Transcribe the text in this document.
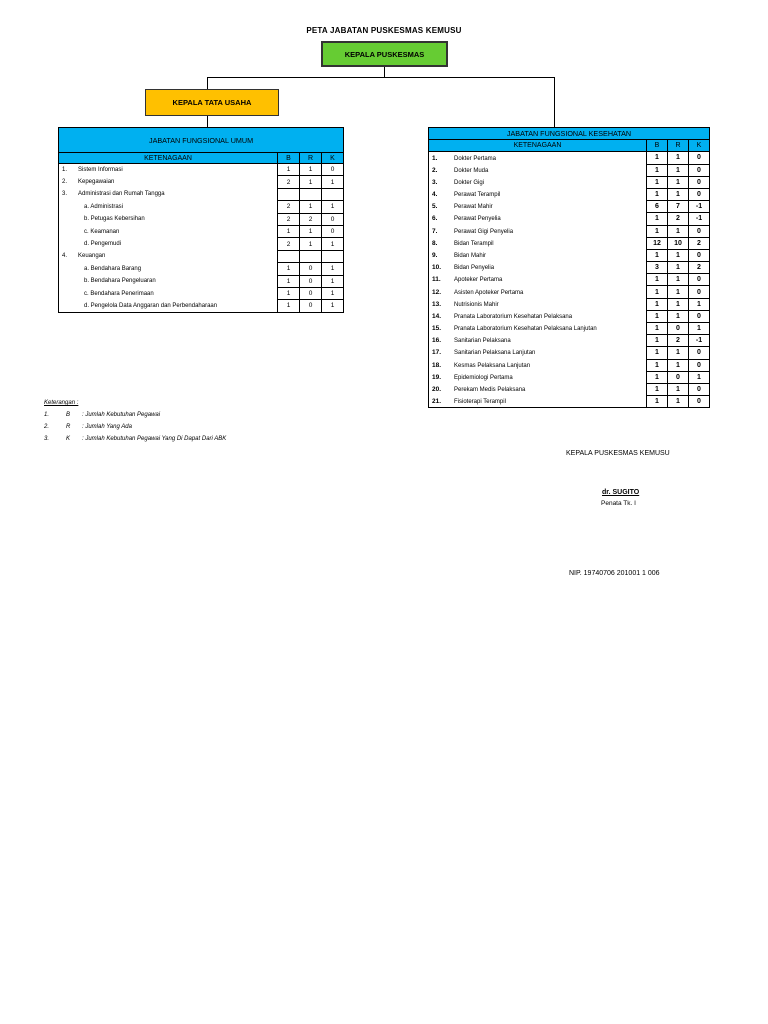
PETA JABATAN PUSKESMAS KEMUSU
KEPALA PUSKESMAS
KEPALA TATA USAHA
JABATAN FUNGSIONAL UMUM			
KETENAGAAN	B	R	K
1. Sistem Informasi	1	1	0
2. Kepegawaian	2	1	1
3. Administrasi dan Rumah Tangga			
a. Administrasi	2	1	1
b. Petugas Kebersihan	2	2	0
c. Keamanan	1	1	0
d. Pengemudi	2	1	1
4. Keuangan			
a. Bendahara Barang	1	0	1
b. Bendahara Pengeluaran	1	0	1
c. Bendahara Penerimaan	1	0	1
d. Pengelola Data Anggaran dan Perbendaharaan	1	0	1
JABATAN FUNGSIONAL KESEHATAN			
KETENAGAAN	B	R	K
1. Dokter Pertama	1	1	0
2. Dokter Muda	1	1	0
3. Dokter Gigi	1	1	0
4. Perawat Terampil	1	1	0
5. Perawat Mahir	6	7	-1
6. Perawat Penyelia	1	2	-1
7. Perawat Gigi Penyelia	1	1	0
8. Bidan Terampil	12	10	2
9. Bidan Mahir	1	1	0
10. Bidan Penyelia	3	1	2
11. Apoteker Pertama	1	1	0
12. Asisten Apoteker Pertama	1	1	0
13. Nutrisionis Mahir	1	1	1
14. Pranata Laboratorium Kesehatan Pelaksana	1	1	0
15. Pranata Laboratorium Kesehatan Pelaksana Lanjutan	1	0	1
16. Sanitarian Pelaksana	1	2	-1
17. Sanitarian Pelaksana Lanjutan	1	1	0
18. Kesmas Pelaksana Lanjutan	1	1	0
19. Epidemiologi Pertama	1	0	1
20. Perekam Medis Pelaksana	1	1	0
21. Fisioterapi Terampil	1	1	0
Keterangan :
1.	B : Jumlah Kebutuhan Pegawai
2.	R : Jumlah Yang Ada
3.	K : Jumlah Kebutuhan Pegawai Yang Di Dapat Dari ABK
KEPALA PUSKESMAS KEMUSU
dr. SUGITO
Penata Tk. I
NIP. 19740706 201001 1 006
